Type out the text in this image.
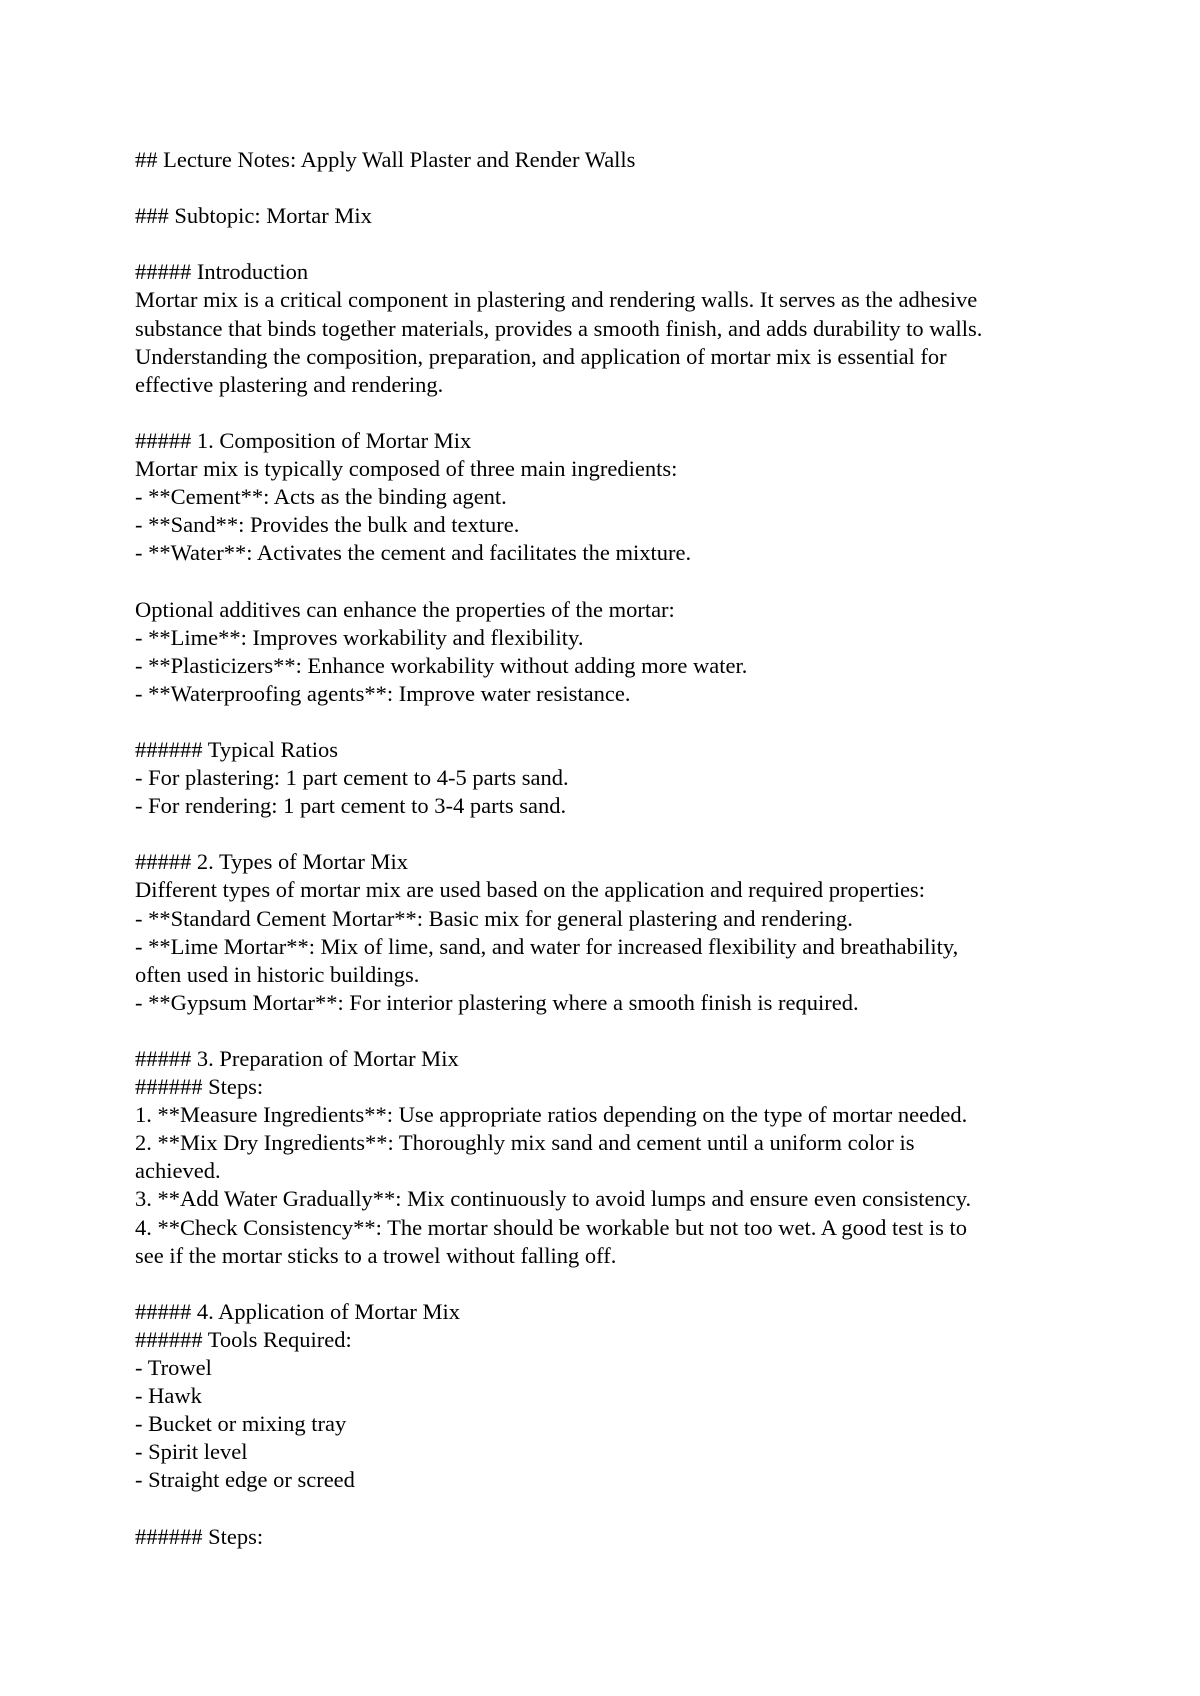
## Lecture Notes: Apply Wall Plaster and Render Walls
### Subtopic: Mortar Mix
##### Introduction
Mortar mix is a critical component in plastering and rendering walls. It serves as the adhesive
substance that binds together materials, provides a smooth finish, and adds durability to walls.
Understanding the composition, preparation, and application of mortar mix is essential for
effective plastering and rendering.
##### 1. Composition of Mortar Mix
Mortar mix is typically composed of three main ingredients:
- **Cement**: Acts as the binding agent.
- **Sand**: Provides the bulk and texture.
- **Water**: Activates the cement and facilitates the mixture.
Optional additives can enhance the properties of the mortar:
- **Lime**: Improves workability and flexibility.
- **Plasticizers**: Enhance workability without adding more water.
- **Waterproofing agents**: Improve water resistance.
###### Typical Ratios
- For plastering: 1 part cement to 4-5 parts sand.
- For rendering: 1 part cement to 3-4 parts sand.
##### 2. Types of Mortar Mix
Different types of mortar mix are used based on the application and required properties:
- **Standard Cement Mortar**: Basic mix for general plastering and rendering.
- **Lime Mortar**: Mix of lime, sand, and water for increased flexibility and breathability,
often used in historic buildings.
- **Gypsum Mortar**: For interior plastering where a smooth finish is required.
##### 3. Preparation of Mortar Mix
###### Steps:
1. **Measure Ingredients**: Use appropriate ratios depending on the type of mortar needed.
2. **Mix Dry Ingredients**: Thoroughly mix sand and cement until a uniform color is
achieved.
3. **Add Water Gradually**: Mix continuously to avoid lumps and ensure even consistency.
4. **Check Consistency**: The mortar should be workable but not too wet. A good test is to
see if the mortar sticks to a trowel without falling off.
##### 4. Application of Mortar Mix
###### Tools Required:
- Trowel
- Hawk
- Bucket or mixing tray
- Spirit level
- Straight edge or screed
###### Steps:
